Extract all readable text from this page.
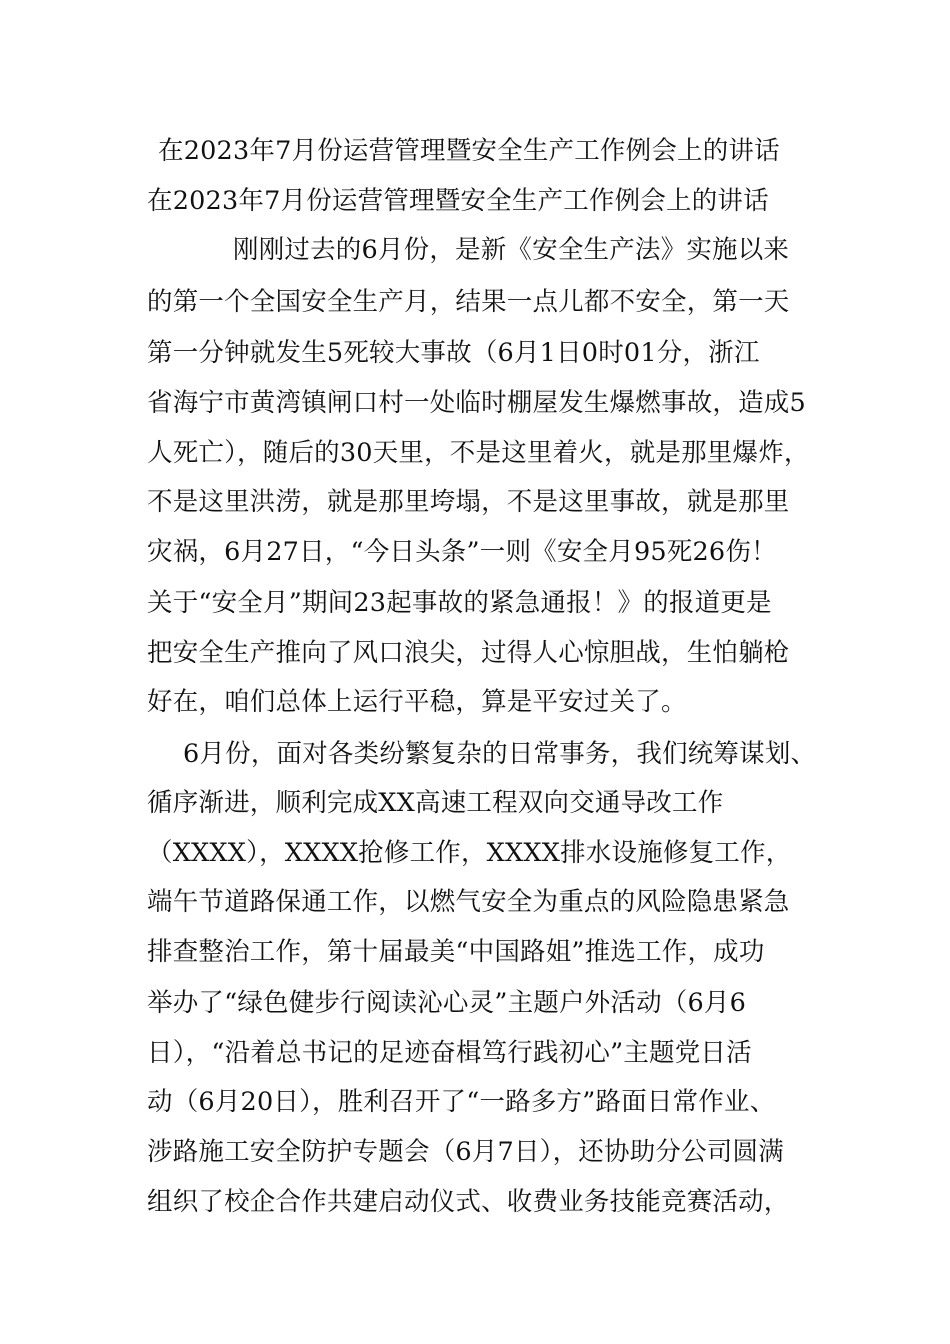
在2023年7月份运营管理暨安全生产工作例会上的讲话
在2023年7月份运营管理暨安全生产工作例会上的讲话
刚刚过去的6月份，是新《安全生产法》实施以来
的第一个全国安全生产月，结果一点儿都不安全，第一天
第一分钟就发生5死较大事故（6月1日0时01分，浙江
省海宁市黄湾镇闸口村一处临时棚屋发生爆燃事故，造成5
人死亡），随后的30天里，不是这里着火，就是那里爆炸，
不是这里洪涝，就是那里垮塌，不是这里事故，就是那里
灾祸，6月27日，“今日头条”一则《安全月95死26伤！
关于“安全月”期间23起事故的紧急通报！》的报道更是
把安全生产推向了风口浪尖，过得人心惊胆战，生怕躺枪
好在，咱们总体上运行平稳，算是平安过关了。
6月份，面对各类纷繁复杂的日常事务，我们统筹谋划、
循序渐进，顺利完成XX高速工程双向交通导改工作
（XXXX），XXXX抢修工作，XXXX排水设施修复工作，
端午节道路保通工作，以燃气安全为重点的风险隐患紧急
排查整治工作，第十届最美“中国路姐”推选工作，成功
举办了“绿色健步行阅读沁心灵”主题户外活动（6月6
日），“沿着总书记的足迹奋楫笃行践初心”主题党日活
动（6月20日），胜利召开了“一路多方”路面日常作业、
涉路施工安全防护专题会（6月7日），还协助分公司圆满
组织了校企合作共建启动仪式、收费业务技能竞赛活动，
